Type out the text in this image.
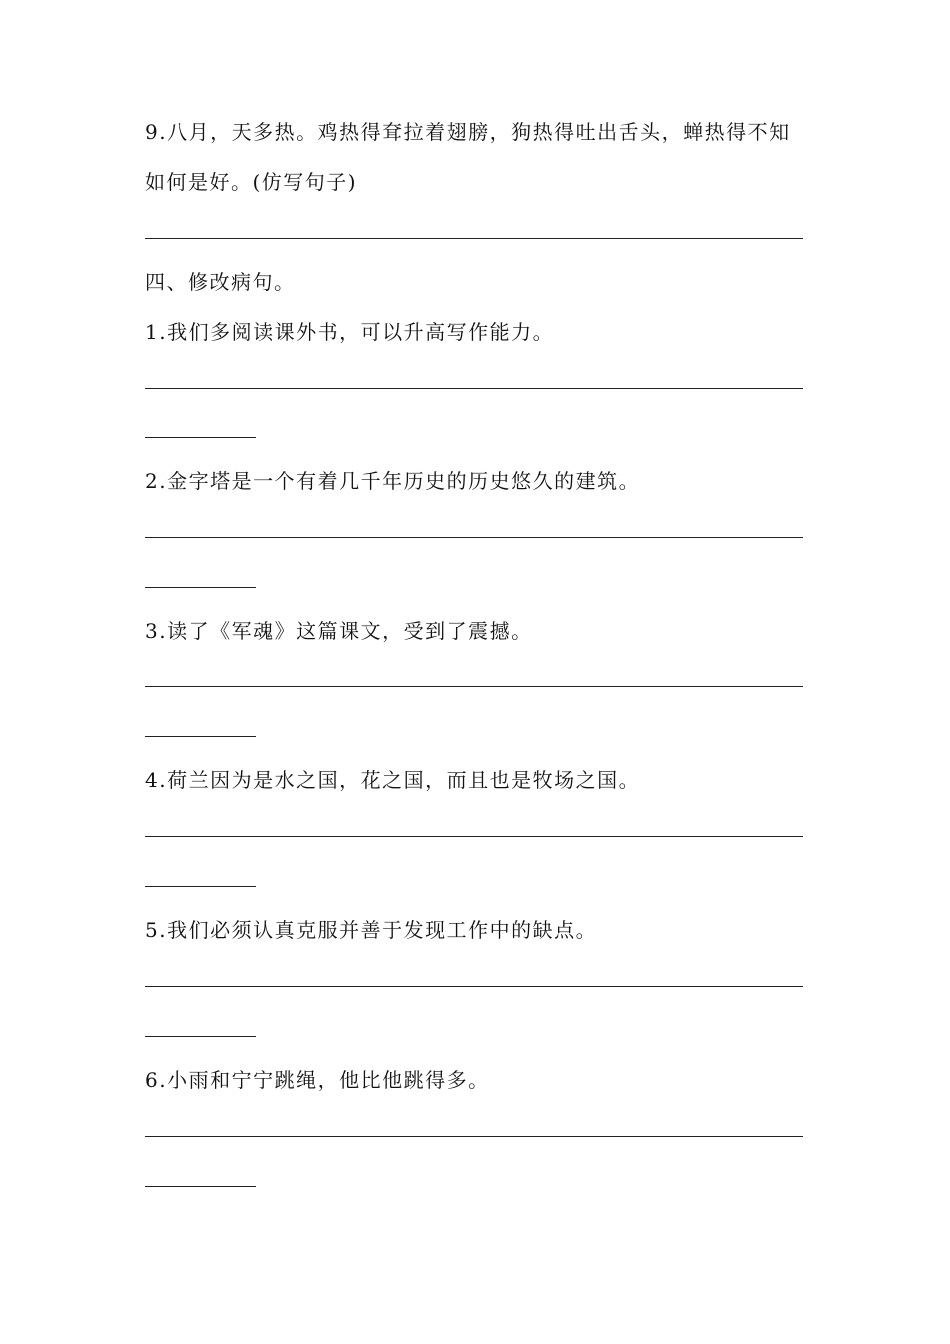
9.八月，天多热。鸡热得耷拉着翅膀，狗热得吐出舌头，蝉热得不知
如何是好。(仿写句子)
四、修改病句。
1.我们多阅读课外书，可以升高写作能力。
2.金字塔是一个有着几千年历史的历史悠久的建筑。
3.读了《军魂》这篇课文，受到了震撼。
4.荷兰因为是水之国，花之国，而且也是牧场之国。
5.我们必须认真克服并善于发现工作中的缺点。
6.小雨和宁宁跳绳，他比他跳得多。
